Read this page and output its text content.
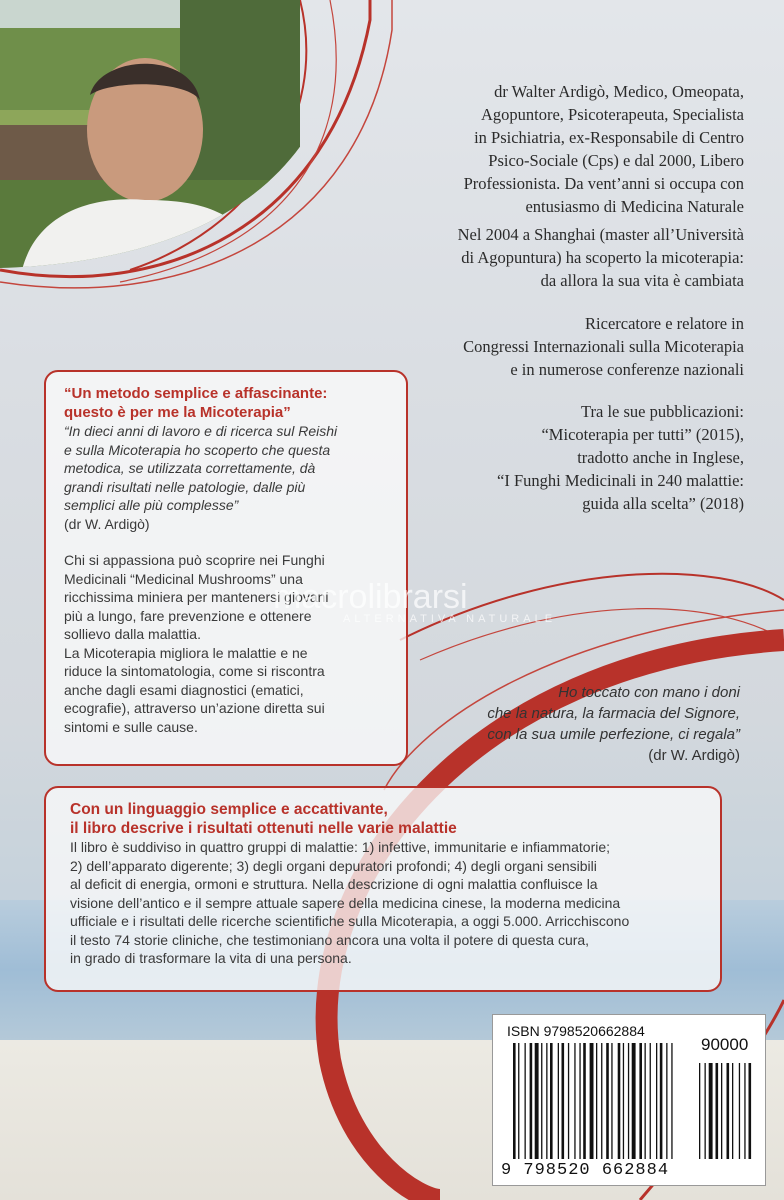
dr Walter Ardigò, Medico, Omeopata,
Agopuntore, Psicoterapeuta, Specialista
in Psichiatria, ex-Responsabile di Centro
Psico-Sociale (Cps) e dal 2000, Libero
Professionista. Da vent’anni si occupa con
entusiasmo di Medicina Naturale
Nel 2004 a Shanghai (master all’Università
di Agopuntura) ha scoperto la micoterapia:
da allora la sua vita è cambiata
Ricercatore e relatore in
Congressi Internazionali sulla Micoterapia
e in numerose conferenze nazionali
Tra le sue pubblicazioni:
“Micoterapia per tutti” (2015),
tradotto anche in Inglese,
“I Funghi Medicinali in 240 malattie:
guida alla scelta” (2018)
“Un metodo semplice e affascinante:
questo è per me la Micoterapia”

“In dieci anni di lavoro e di ricerca sul Reishi
e sulla Micoterapia ho scoperto che questa
metodica, se utilizzata correttamente, dà
grandi risultati nelle patologie, dalle più
semplici alle più complesse”

(dr W. Ardigò)

Chi si appassiona può scoprire nei Funghi
Medicinali “Medicinal Mushrooms” una
ricchissima miniera per mantenersi giovani
più a lungo, fare prevenzione e ottenere
sollievo dalla malattia.

La Micoterapia migliora le malattie e ne
riduce la sintomatologia, come si riscontra
anche dagli esami diagnostici (ematici,
ecografie), attraverso un’azione diretta sui
sintomi e sulle cause.

macrolibrarsi
ALTERNATIVA NATURALE
Ho toccato con mano i doni
che la natura, la farmacia del Signore,
con la sua umile perfezione, ci regala”
(dr W. Ardigò)
Con un linguaggio semplice e accattivante,
il libro descrive i risultati ottenuti nelle varie malattie

Il libro è suddiviso in quattro gruppi di malattie: 1) infettive, immunitarie e infiammatorie;
2) dell’apparato digerente; 3) degli organi depuratori profondi; 4) degli organi sensibili
al deficit di energia, ormoni e struttura. Nella descrizione di ogni malattia confluisce la
visione dell’antico e il sempre attuale sapere della medicina cinese, la moderna medicina
ufficiale e i risultati delle ricerche scientifiche sulla Micoterapia, a oggi 5.000. Arricchiscono
il testo 74 storie cliniche, che testimoniano ancora una volta il potere di questa cura,
in grado di trasformare la vita di una persona.

ISBN 9798520662884
90000
9 798520 662884
